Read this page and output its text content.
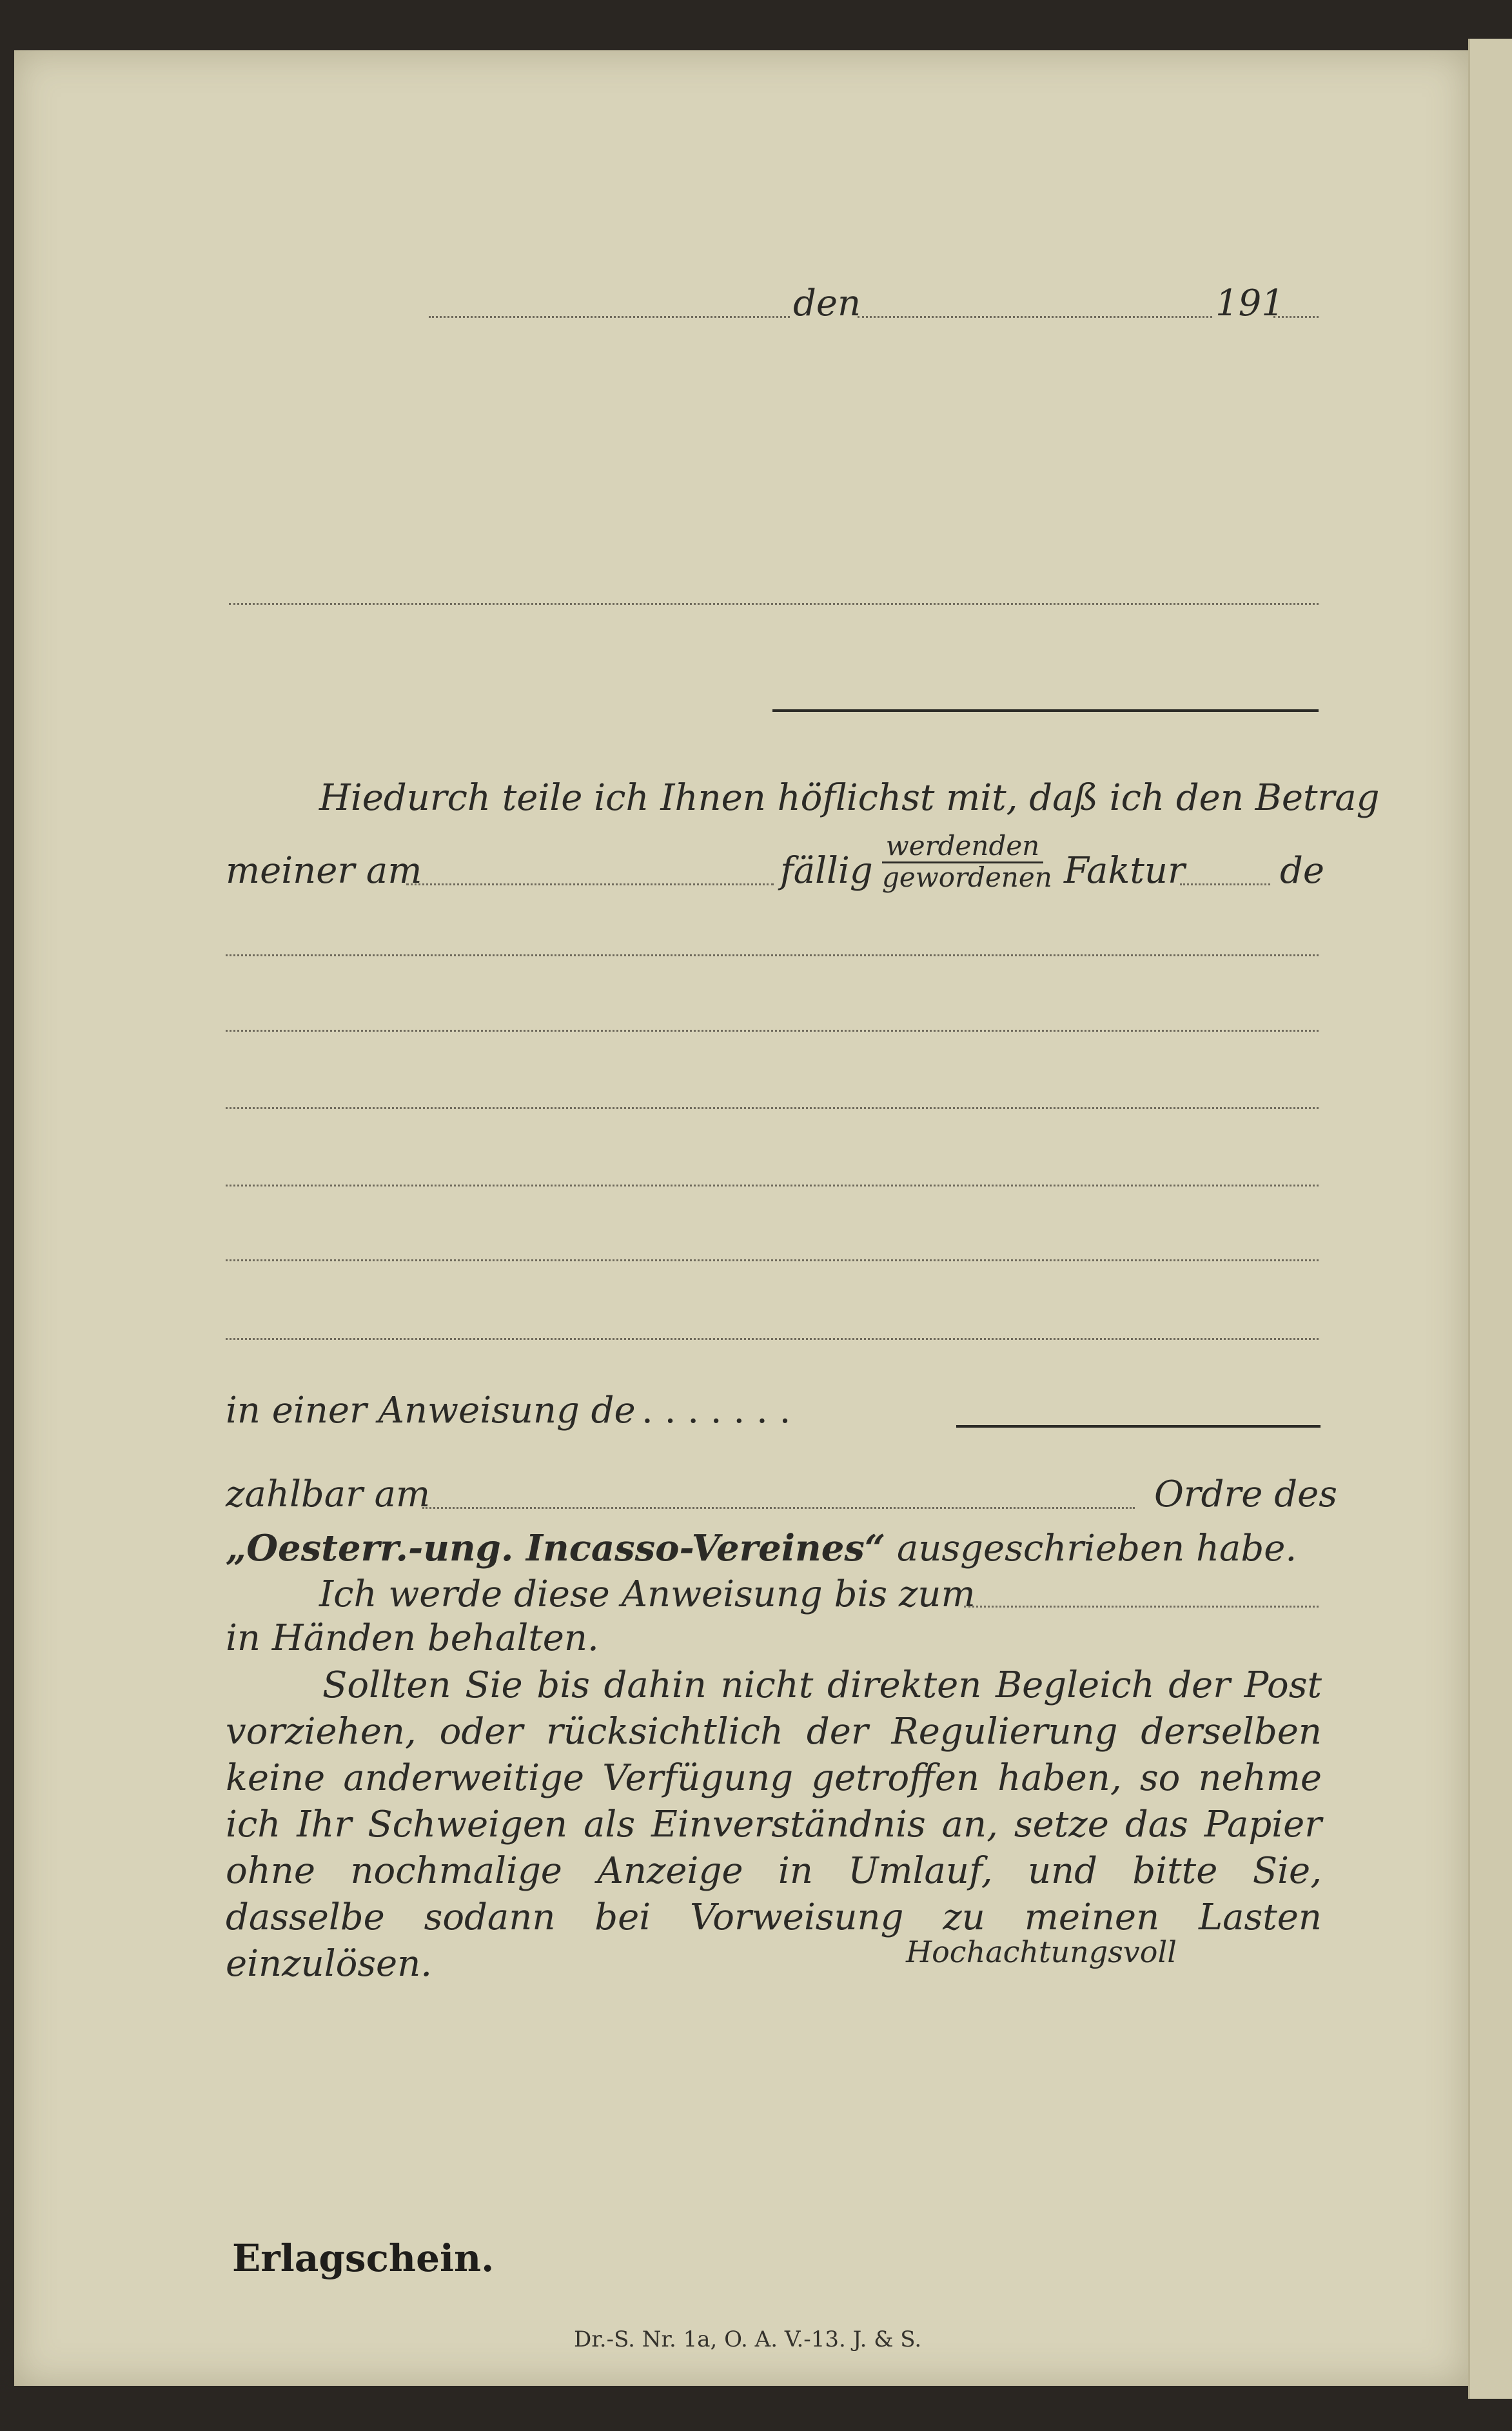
den	191
Hiedurch teile ich Ihnen höflichst mit, daß ich den Betrag
meiner am	fällig
werdenden
gewordenen Faktur	de
in einer Anweisung de . . . . . . .
zahlbar am	Ordre des
„Oesterr.-ung. Incasso-Vereines“ ausgeschrieben habe.
Ich werde diese Anweisung bis zum
in Händen behalten.

Sollten Sie bis dahin nicht direkten Begleich der Post vorziehen, oder rücksichtlich der Regulierung derselben keine anderweitige Verfügung getroffen haben, so nehme ich Ihr Schweigen als Einverständnis an, setze das Papier ohne nochmalige Anzeige in Umlauf, und bitte Sie, dasselbe sodann bei Vorweisung zu meinen Lasten einzulösen.	Hochachtungsvoll
Erlagschein.
Dr.-S. Nr. 1a, O. A. V.-13. J. & S.
